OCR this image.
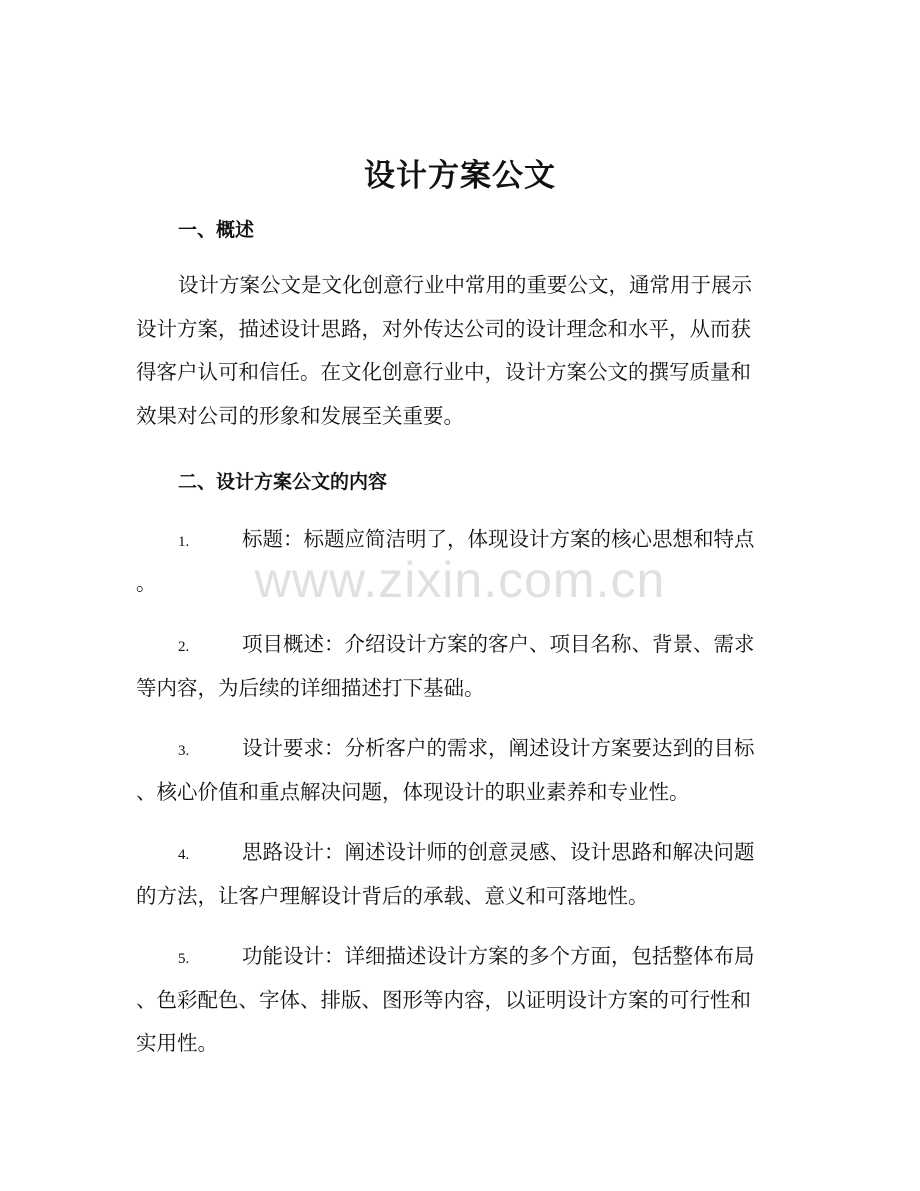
设计方案公文
一、概述
设计方案公文是文化创意行业中常用的重要公文，通常用于展示
设计方案，描述设计思路，对外传达公司的设计理念和水平，从而获
得客户认可和信任。在文化创意行业中，设计方案公文的撰写质量和
效果对公司的形象和发展至关重要。
二、设计方案公文的内容
1.	标题：标题应简洁明了，体现设计方案的核心思想和特点
。
2.	项目概述：介绍设计方案的客户、项目名称、背景、需求
等内容，为后续的详细描述打下基础。
3.	设计要求：分析客户的需求，阐述设计方案要达到的目标
、核心价值和重点解决问题，体现设计的职业素养和专业性。
4.	思路设计：阐述设计师的创意灵感、设计思路和解决问题
的方法，让客户理解设计背后的承载、意义和可落地性。
5.	功能设计：详细描述设计方案的多个方面，包括整体布局
、色彩配色、字体、排版、图形等内容，以证明设计方案的可行性和
实用性。
www.zixin.com.cn
